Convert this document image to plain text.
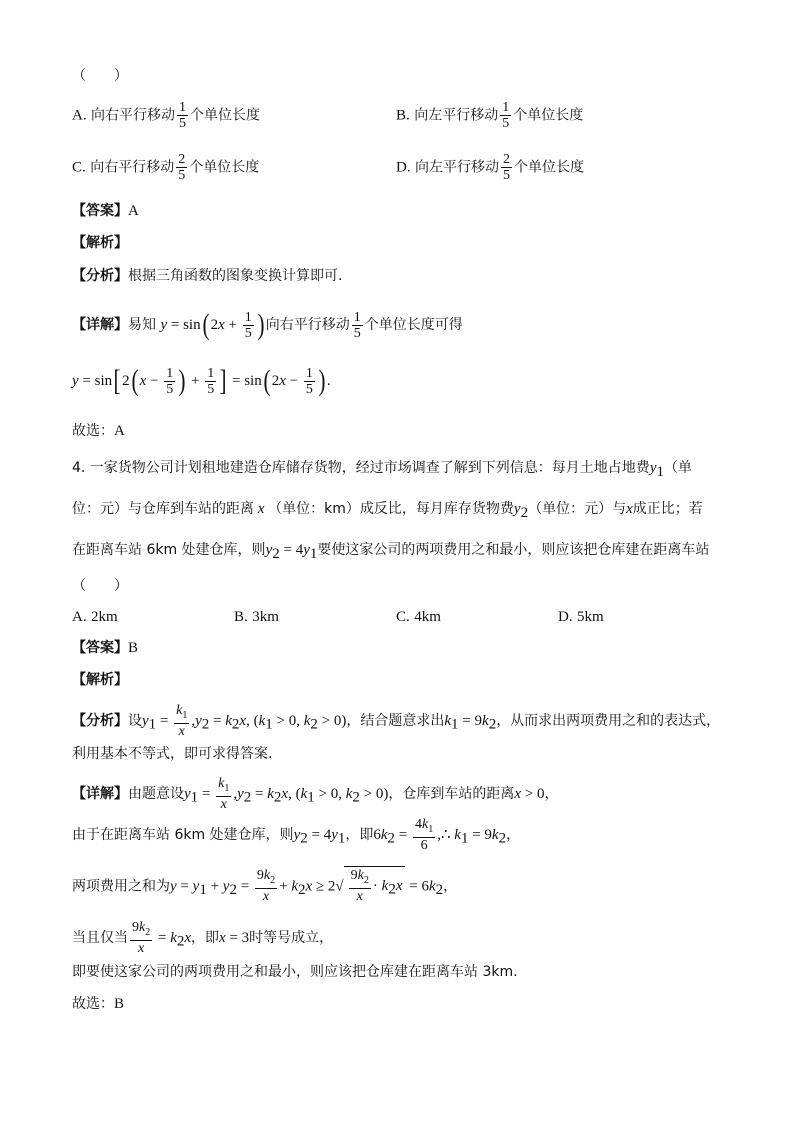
（　　）
A. 向右平行移动 $\frac{1}{5}$ 个单位长度	B. 向左平行移动 $\frac{1}{5}$ 个单位长度
C. 向右平行移动 $\frac{2}{5}$ 个单位长度	D. 向左平行移动 $\frac{2}{5}$ 个单位长度
【答案】A
【解析】
【分析】根据三角函数的图象变换计算即可.
【详解】易知 y = sin( $2x + \frac{1}{5}$ ) 向右平行移动 $\frac{1}{5}$ 个单位长度可得
y = sin[ 2( $x - \frac{1}{5}$ ) + $\frac{1}{5}$ ] = sin( $2x - \frac{1}{5}$ ) .
故选：A
4. 一家货物公司计划租地建造仓库储存货物，经过市场调查了解到下列信息：每月土地占地费$y_1$（单
位：元）与仓库到车站的距离 x （单位：km）成反比，每月库存货物费$y_2$（单位：元）与x成正比；若
在距离车站 6km 处建仓库，则$y_2 = 4y_1$要使这家公司的两项费用之和最小，则应该把仓库建在距离车站
（　　）
A. 2km	B. 3km	C. 4km	D. 5km
【答案】B
【解析】
【分析】设$y_1 = \frac{k_1}{x} ,y_2 = k_2x$, ($k_1 > 0$, $k_2 > 0$)，结合题意求出$k_1 = 9k_2$，从而求出两项费用之和的表达式，
利用基本不等式，即可求得答案.
【详解】由题意设$y_1 = \frac{k_1}{x} ,y_2 = k_2x$, ($k_1 > 0$, $k_2 > 0$)，仓库到车站的距离x > 0，
由于在距离车站 6km 处建仓库，则$y_2 = 4y_1$，即$6k_2 = \frac{4k_1}{6}$ ,∴ $k_1 = 9k_2$，
两项费用之和为$y = y_1 + y_2 = \frac{9k_2}{x} + k_2x \ge 2√ \frac{9k_2}{x} \cdot k_2x = 6k_2$，
当且仅当 $\frac{9k_2}{x} = k_2x$，即x = 3时等号成立，
即要使这家公司的两项费用之和最小，则应该把仓库建在距离车站 3km.
故选：B
